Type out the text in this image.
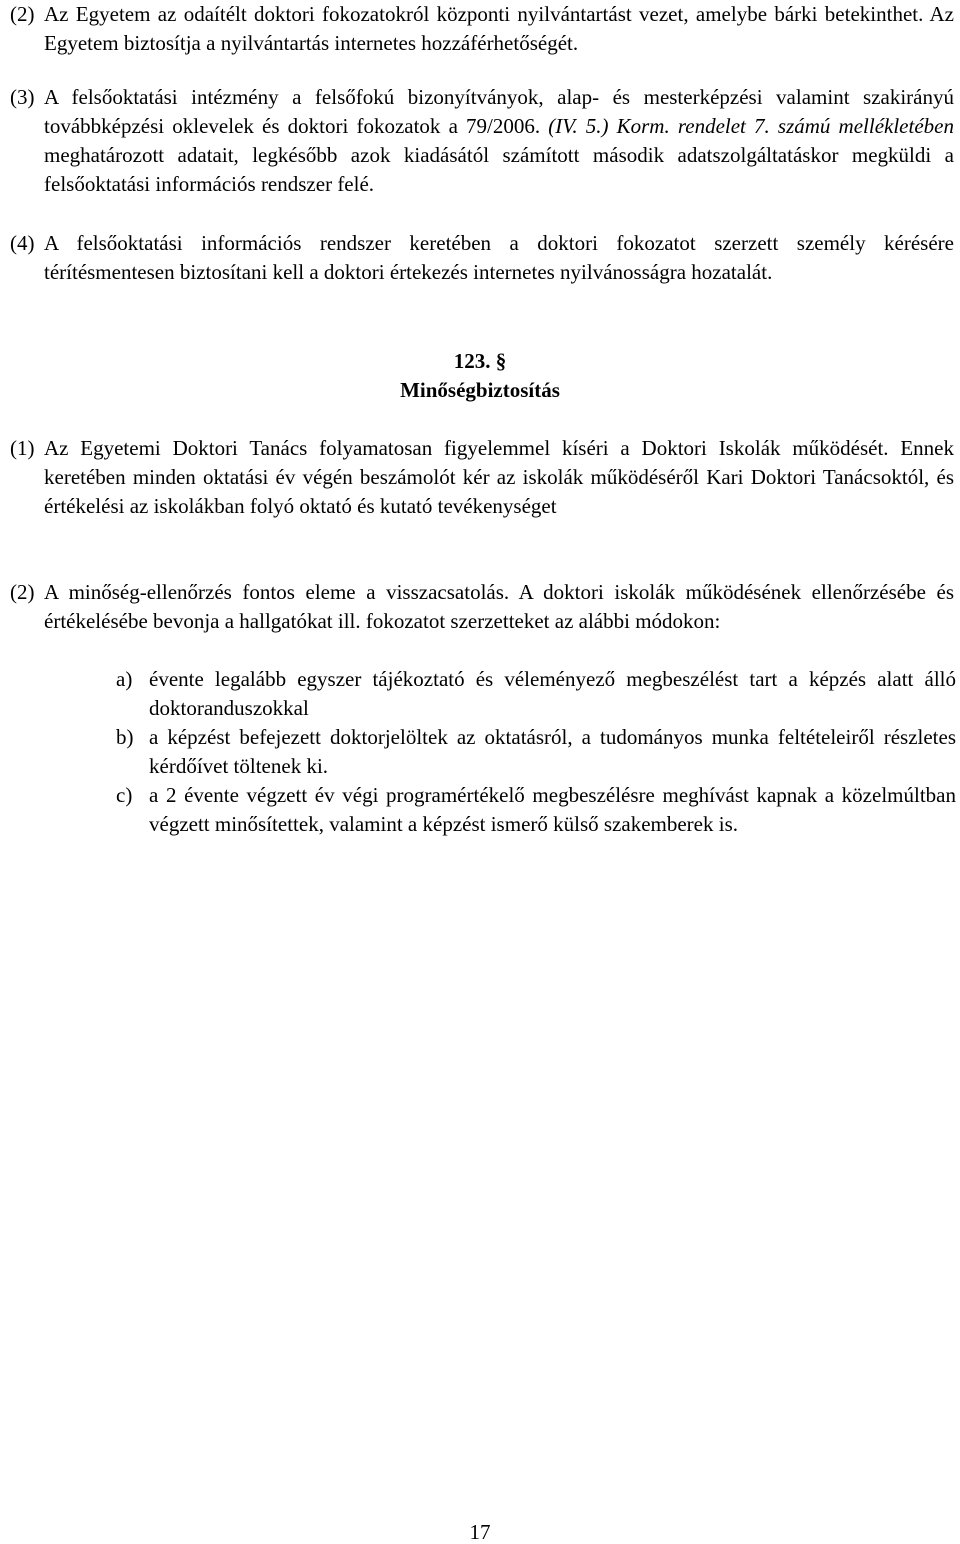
(2) Az Egyetem az odaítélt doktori fokozatokról központi nyilvántartást vezet, amelybe bárki betekinthet. Az Egyetem biztosítja a nyilvántartás internetes hozzáférhetőségét.
(3) A felsőoktatási intézmény a felsőfokú bizonyítványok, alap- és mesterképzési valamint szakirányú továbbképzési oklevelek és doktori fokozatok a 79/2006. (IV. 5.) Korm. rendelet 7. számú mellékletében meghatározott adatait, legkésőbb azok kiadásától számított második adatszolgáltatáskor megküldi a felsőoktatási információs rendszer felé.
(4) A felsőoktatási információs rendszer keretében a doktori fokozatot szerzett személy kérésére térítésmentesen biztosítani kell a doktori értekezés internetes nyilvánosságra hozatalát.
123. §
Minőségbiztosítás
(1) Az Egyetemi Doktori Tanács folyamatosan figyelemmel kíséri a Doktori Iskolák működését. Ennek keretében minden oktatási év végén beszámolót kér az iskolák működéséről Kari Doktori Tanácsoktól, és értékelési az iskolákban folyó oktató és kutató tevékenységet
(2) A minőség-ellenőrzés fontos eleme a visszacsatolás. A doktori iskolák működésének ellenőrzésébe és értékelésébe bevonja a hallgatókat ill. fokozatot szerzetteket az alábbi módokon:
a) évente legalább egyszer tájékoztató és véleményező megbeszélést tart a képzés alatt álló doktoranduszokkal
b) a képzést befejezett doktorjelöltek az oktatásról, a tudományos munka feltételeiről részletes kérdőívet töltenek ki.
c) a 2 évente végzett év végi programértékelő megbeszélésre meghívást kapnak a közelmúltban végzett minősítettek, valamint a képzést ismerő külső szakemberek is.
17
